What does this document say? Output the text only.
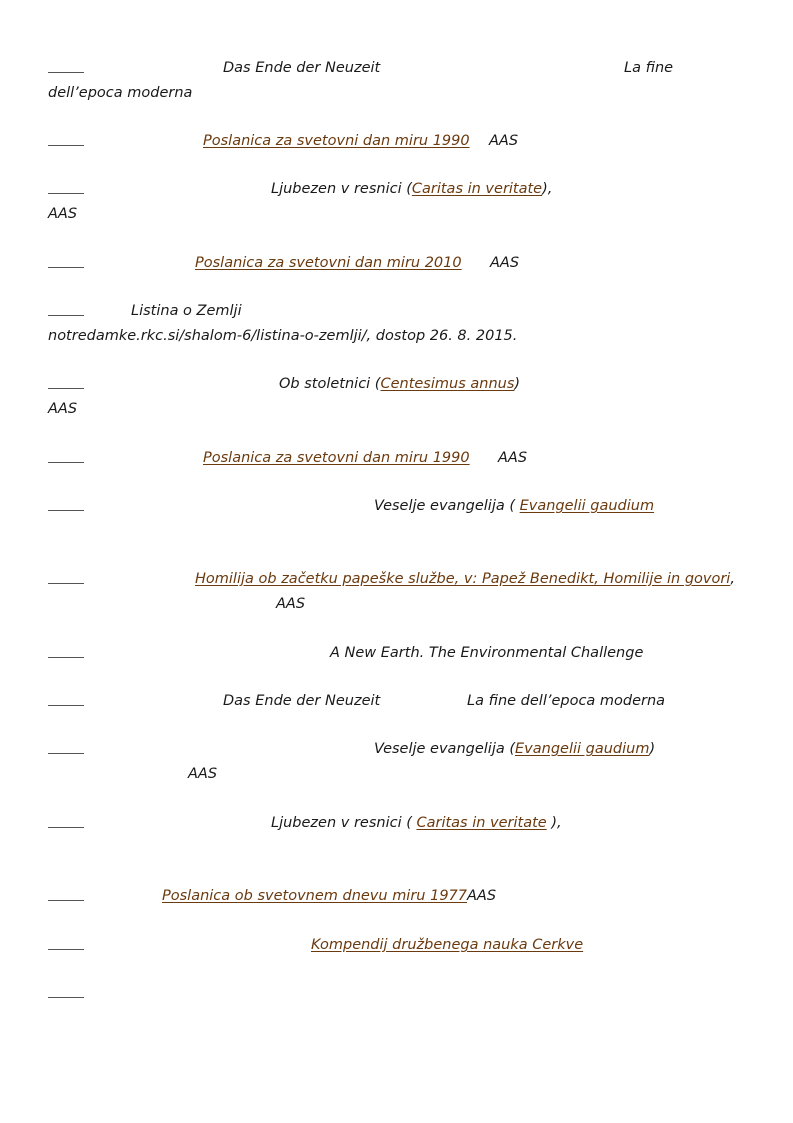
Das Ende der Neuzeit	La fine
dell’epoca moderna
Poslanica za svetovni dan miru 1990 AAS
Ljubezen v resnici (Caritas in veritate),
AAS
Poslanica za svetovni dan miru 2010 AAS
Listina o Zemlji
notredamke.rkc.si/shalom-6/listina-o-zemlji/, dostop 26. 8. 2015.
Ob stoletnici (Centesimus annus)
AAS
Poslanica za svetovni dan miru 1990 AAS
Veselje evangelija ( Evangelii gaudium
Homilija ob začetku papeške službe, v: Papež Benedikt, Homilije in govori,
AAS
A New Earth. The Environmental Challenge
Das Ende der Neuzeit	La fine dell’epoca moderna
Veselje evangelija (Evangelii gaudium)
AAS
Ljubezen v resnici ( Caritas in veritate ),
Poslanica ob svetovnem dnevu miru 1977 AAS
Kompendij družbenega nauka Cerkve
